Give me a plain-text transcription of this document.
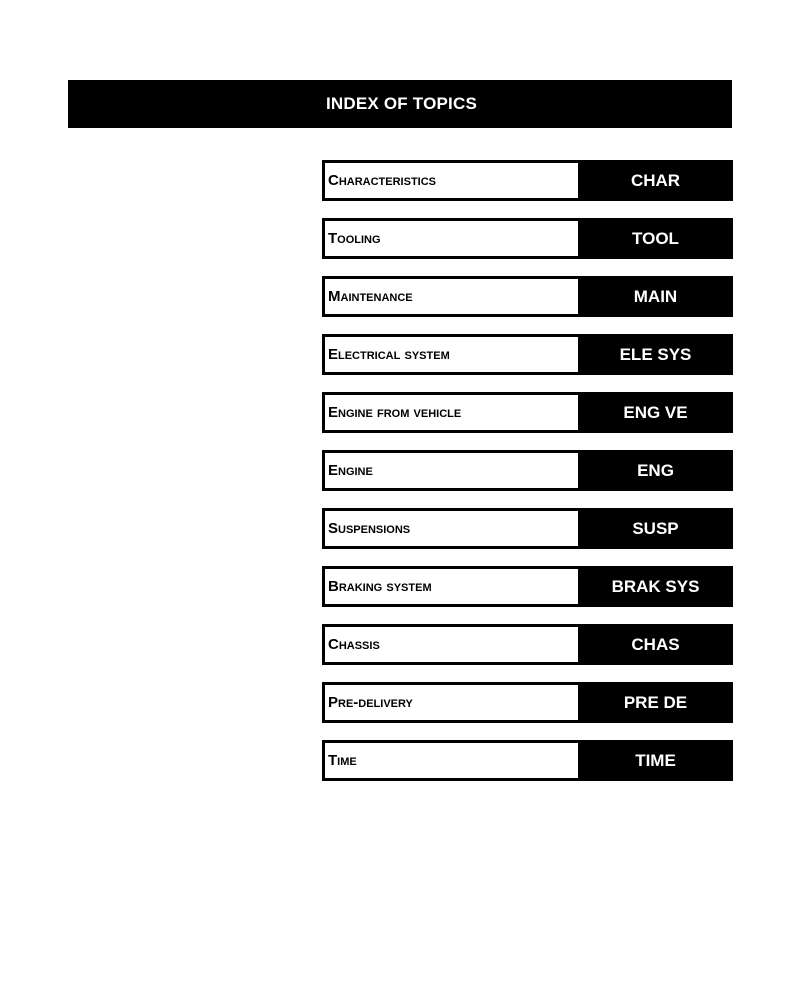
INDEX OF TOPICS
Characteristics	CHAR
Tooling	TOOL
Maintenance	MAIN
Electrical system	ELE SYS
Engine from vehicle	ENG VE
Engine	ENG
Suspensions	SUSP
Braking system	BRAK SYS
Chassis	CHAS
Pre-delivery	PRE DE
Time	TIME
